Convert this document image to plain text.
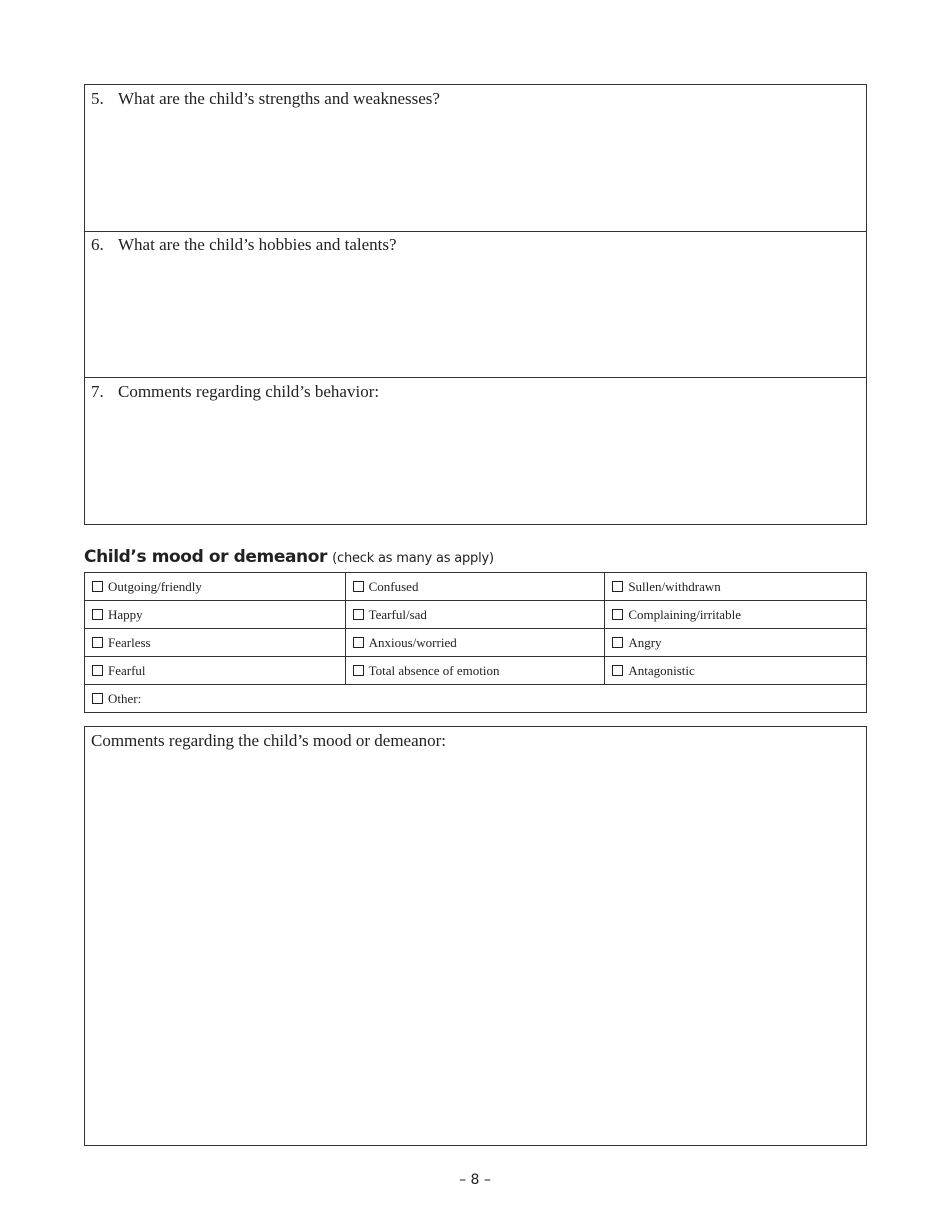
5. What are the child’s strengths and weaknesses?
6. What are the child’s hobbies and talents?
7. Comments regarding child’s behavior:
Child’s mood or demeanor (check as many as apply)
Outgoing/friendly	Confused	Sullen/withdrawn
Happy	Tearful/sad	Complaining/irritable
Fearless	Anxious/worried	Angry
Fearful	Total absence of emotion	Antagonistic
Other:		
Comments regarding the child’s mood or demeanor:
– 8 –
